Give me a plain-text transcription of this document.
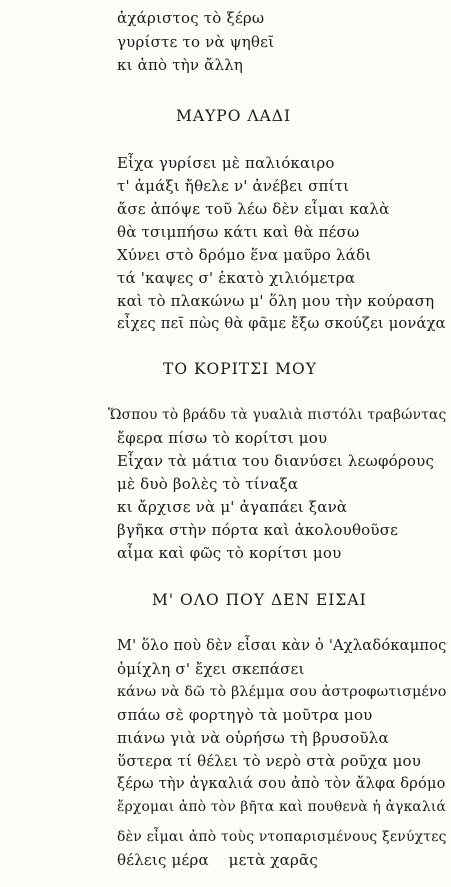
ἀχάριστος τὸ ξέρω
γυρίστε το νὰ ψηθεῖ
κι ἀπὸ τὴν ἄλλη
ΜΑΥΡΟ ΛΑΔΙ
Εἶχα γυρίσει μὲ παλιόκαιρο
τ' ἁμάξι ἤθελε ν' ἀνέβει σπίτι
ἄσε ἀπόψε τοῦ λέω δὲν εἶμαι καλὰ
θὰ τσιμπήσω κάτι καὶ θὰ πέσω
Χύνει στὸ δρόμο ἕνα μαῦρο λάδι
τά 'καψες σ' ἑκατὸ χιλιόμετρα
καὶ τὸ πλακώνω μ' ὅλη μου τὴν κούραση
εἶχες πεῖ πὼς θὰ φᾶμε ἔξω σκούζει μονάχα
ΤΟ ΚΟΡΙΤΣΙ ΜΟΥ
Ὥσπου τὸ βράδυ τὰ γυαλιὰ πιστόλι τραβώντας
ἔφερα πίσω τὸ κορίτσι μου
Εἶχαν τὰ μάτια του διανύσει λεωφόρους
μὲ δυὸ βολὲς τὸ τίναξα
κι ἄρχισε νὰ μ' ἀγαπάει ξανὰ
βγῆκα στὴν πόρτα καὶ ἀκολουθοῦσε
αἷμα καὶ φῶς τὸ κορίτσι μου
Μ' ΟΛΟ ΠΟΥ ΔΕΝ ΕΙΣΑΙ
Μ' ὅλο ποὺ δὲν εἶσαι κὰν ὁ 'Αχλαδόκαμπος
ὁμίχλη σ' ἔχει σκεπάσει
κάνω νὰ δῶ τὸ βλέμμα σου ἀστροφωτισμένο
σπάω σὲ φορτηγὸ τὰ μοῦτρα μου
πιάνω γιὰ νὰ οὑρήσω τὴ βρυσοῦλα
ὕστερα τί θέλει τὸ νερὸ στὰ ροῦχα μου
ξέρω τὴν ἀγκαλιά σου ἀπὸ τὸν ἄλφα δρόμο
ἔρχομαι ἀπὸ τὸν βῆτα καὶ πουθενὰ ἡ ἀγκαλιά
δὲν εἶμαι ἀπὸ τοὺς ντοπαρισμένους ξενύχτες
θέλεις μέρα    μετὰ χαρᾶς
